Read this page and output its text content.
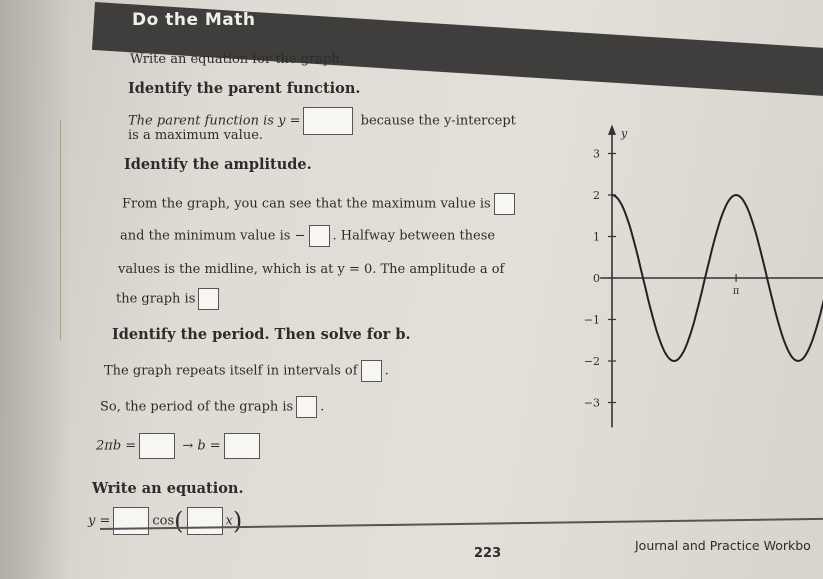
Do the Math
Write an equation for the graph.
Identify the parent function.
The parent function is y =	because the y-intercept
is a maximum value.
Identify the amplitude.
From the graph, you can see that the maximum value is
and the minimum value is − . Halfway between these
values is the midline, which is at y = 0. The amplitude a of
the graph is
Identify the period. Then solve for b.
The graph repeats itself in intervals of .
So, the period of the graph is .
2πb =	→ b =
Write an equation.
y =	cos(	x)
3
2
1
0
−1
−2
−3
π
y
223
Journal and Practice Workbo
